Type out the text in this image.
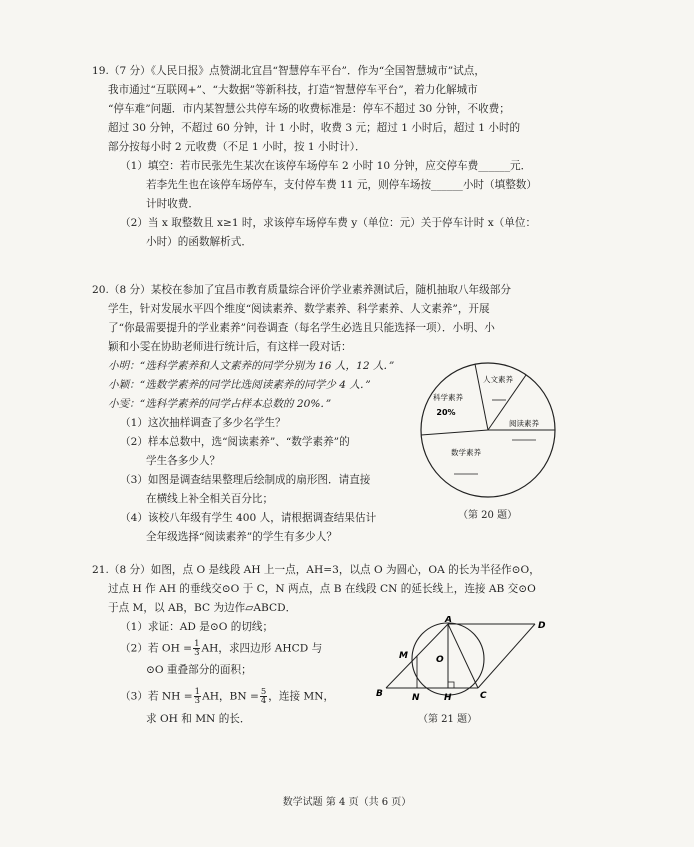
19.（7 分）《人民日报》点赞湖北宜昌“智慧停车平台”．作为“全国智慧城市”试点，
我市通过“互联网+”、“大数据”等新科技，打造“智慧停车平台”，着力化解城市
“停车难”问题．市内某智慧公共停车场的收费标准是：停车不超过 30 分钟，不收费；
超过 30 分钟，不超过 60 分钟，计 1 小时，收费 3 元；超过 1 小时后，超过 1 小时的
部分按每小时 2 元收费（不足 1 小时，按 1 小时计）．
（1）填空：若市民张先生某次在该停车场停车 2 小时 10 分钟，应交停车费______元．
若李先生也在该停车场停车，支付停车费 11 元，则停车场按______小时（填整数）
计时收费．
（2）当 x 取整数且 x≥1 时，求该停车场停车费 y（单位：元）关于停车计时 x（单位：
小时）的函数解析式．
20.（8 分）某校在参加了宜昌市教育质量综合评价学业素养测试后，随机抽取八年级部分
学生，针对发展水平四个维度“阅读素养、数学素养、科学素养、人文素养”，开展
了“你最需要提升的学业素养”问卷调查（每名学生必选且只能选择一项）．小明、小
颖和小雯在协助老师进行统计后，有这样一段对话：
小明：“选科学素养和人文素养的同学分别为 16 人，12 人．”
小颖：“选数学素养的同学比选阅读素养的同学少 4 人．”
小雯：“选科学素养的同学占样本总数的 20%．”
（1）这次抽样调查了多少名学生？
（2）样本总数中，选“阅读素养”、“数学素养”的
学生各多少人？
（3）如图是调查结果整理后绘制成的扇形图．请直接
在横线上补全相关百分比；
（4）该校八年级有学生 400 人，请根据调查结果估计
全年级选择“阅读素养”的学生有多少人？
人文素养
科学素养
20%
阅读素养
数学素养
（第 20 题）
21.（8 分）如图，点 O 是线段 AH 上一点，AH=3，以点 O 为圆心，OA 的长为半径作⊙O，
过点 H 作 AH 的垂线交⊙O 于 C，N 两点，点 B 在线段 CN 的延长线上，连接 AB 交⊙O
于点 M，以 AB，BC 为边作▱ABCD．
（1）求证：AD 是⊙O 的切线；
（2）若 OH = $\frac{1}{3}$ AH，求四边形 AHCD 与
⊙O 重叠部分的面积；
（3）若 NH = $\frac{1}{3}$ AH，BN = $\frac{5}{4}$ ，连接 MN，
求 OH 和 MN 的长．
A
D
M	O
B	N	H	C
（第 21 题）
数学试题 第 4 页（共 6 页）
